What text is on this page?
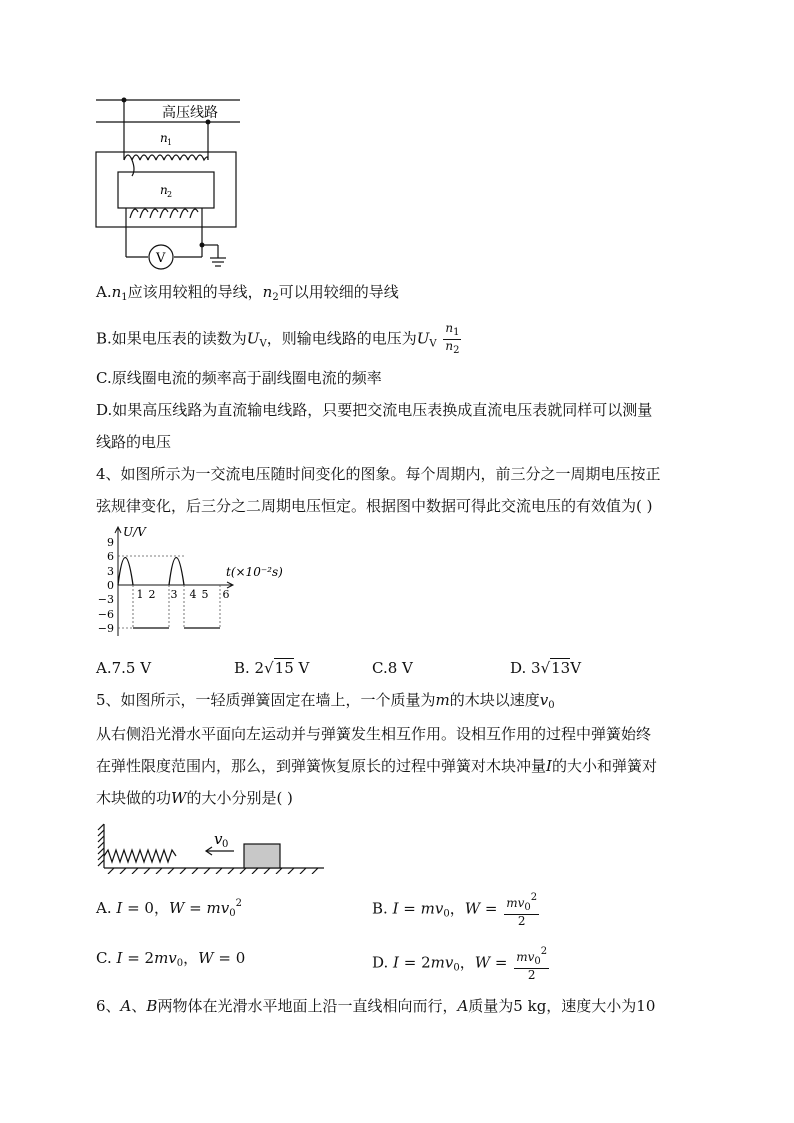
高压线路
n 1
n 2
V
$A.n_1$应该用较粗的导线，$n_2$可以用较细的导线
B.如果电压表的读数为$U_V$，则输电线路的电压为$U_V \frac{n_1}{n_2}$
C.原线圈电流的频率高于副线圈电流的频率
D.如果高压线路为直流输电线路，只要把交流电压表换成直流电压表就同样可以测量
线路的电压
4、如图所示为一交流电压随时间变化的图象。每个周期内，前三分之一周期电压按正
弦规律变化，后三分之二周期电压恒定。根据图中数据可得此交流电压的有效值为( )
U/V
t(×10⁻²s)
9
6
3
0
−3
−6
−9
1 2 3 4 5 6
A.7.5 V	B. 2√15 V	C.8 V	D. 3√13V
5、如图所示，一轻质弹簧固定在墙上，一个质量为m的木块以速度$v_0$
从右侧沿光滑水平面向左运动并与弹簧发生相互作用。设相互作用的过程中弹簧始终
在弹性限度范围内，那么，到弹簧恢复原长的过程中弹簧对木块冲量I的大小和弹簧对
木块做的功W的大小分别是( )
v 0
A. I = 0，$W = mv_0^2$	B. $I = mv_0$，$W = \frac{mv_0^2}{2}$
C. $I = 2mv_0$，W = 0	D. $I = 2mv_0$，$W = \frac{mv_0^2}{2}$
6、A、B两物体在光滑水平地面上沿一直线相向而行，A质量为5 kg，速度大小为10
